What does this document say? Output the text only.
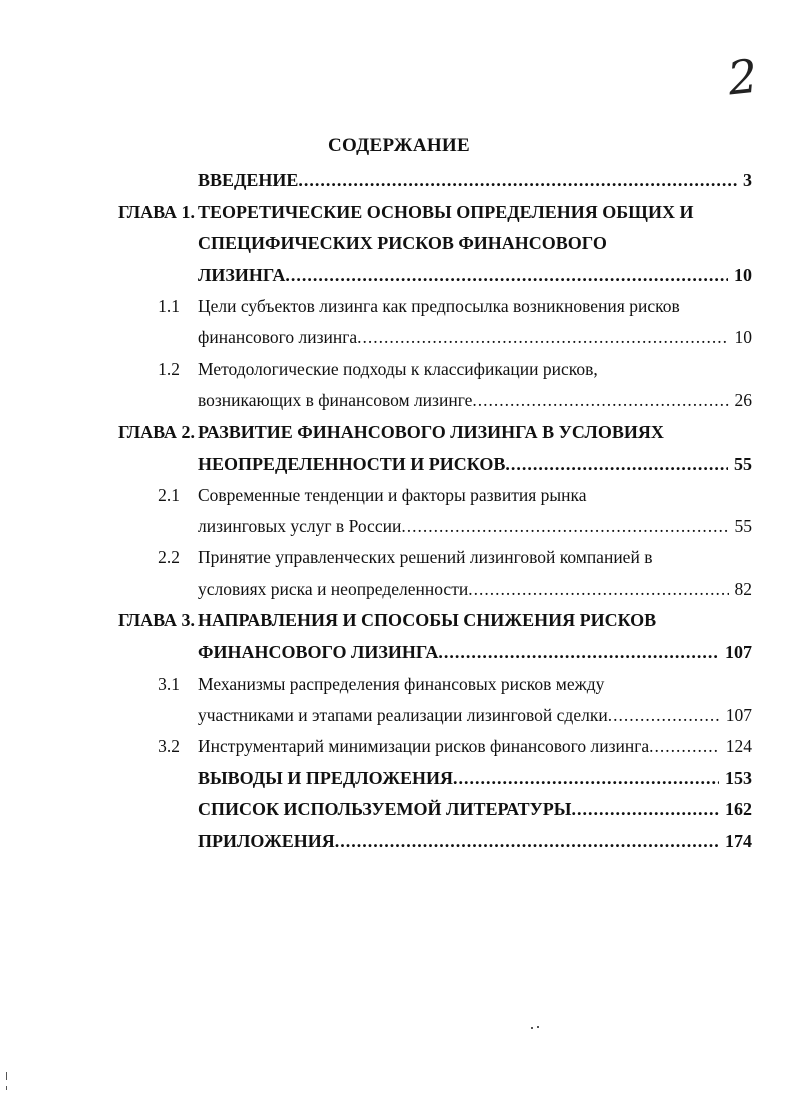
2
СОДЕРЖАНИЕ
ВВЕДЕНИЕ .....	3
ГЛАВА 1. ТЕОРЕТИЧЕСКИЕ ОСНОВЫ ОПРЕДЕЛЕНИЯ ОБЩИХ И
СПЕЦИФИЧЕСКИХ РИСКОВ ФИНАНСОВОГО
ЛИЗИНГА .....	10
1.1 Цели субъектов лизинга как предпосылка возникновения рисков
финансового лизинга .....	10
1.2 Методологические подходы к классификации рисков,
возникающих в финансовом лизинге .....	26
ГЛАВА 2. РАЗВИТИЕ ФИНАНСОВОГО ЛИЗИНГА В УСЛОВИЯХ
НЕОПРЕДЕЛЕННОСТИ И РИСКОВ .....	55
2.1 Современные тенденции и факторы развития рынка
лизинговых услуг в России .....	55
2.2 Принятие управленческих решений лизинговой компанией в
условиях риска и неопределенности .....	82
ГЛАВА 3. НАПРАВЛЕНИЯ И СПОСОБЫ СНИЖЕНИЯ РИСКОВ
ФИНАНСОВОГО ЛИЗИНГА .....	107
3.1 Механизмы распределения финансовых рисков между
участниками и этапами реализации лизинговой сделки .....	107
3.2 Инструментарий минимизации рисков финансового лизинга .....	124
ВЫВОДЫ И ПРЕДЛОЖЕНИЯ .....	153
СПИСОК ИСПОЛЬЗУЕМОЙ ЛИТЕРАТУРЫ .....	162
ПРИЛОЖЕНИЯ .....	174
